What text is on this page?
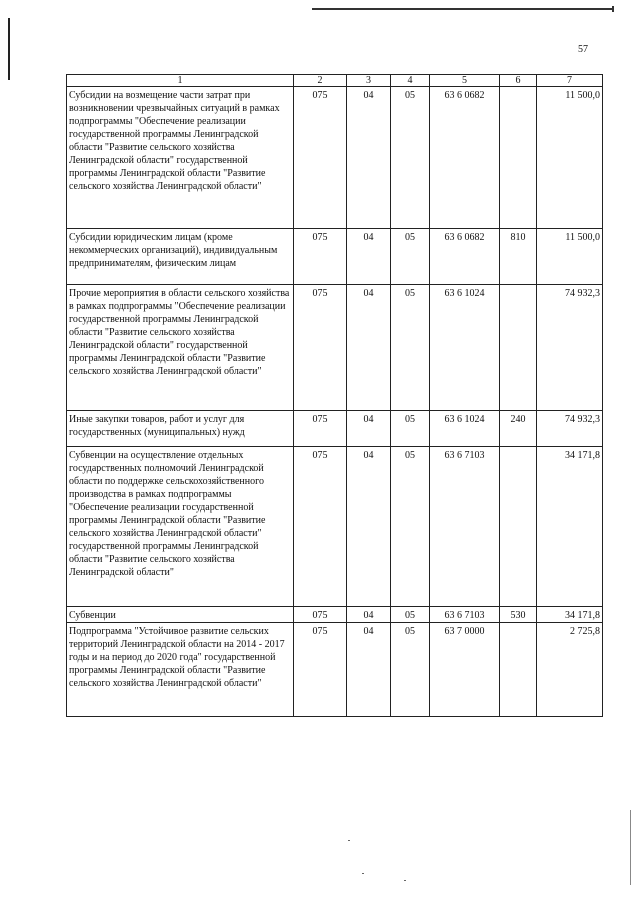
57
1	2	3	4	5	6	7
Субсидии на возмещение части затрат при возникновении чрезвычайных ситуаций в рамках подпрограммы "Обеспечение реализации государственной программы Ленинградской области "Развитие сельского хозяйства Ленинградской области" государственной программы Ленинградской области "Развитие сельского хозяйства Ленинградской области"	075	04	05	63 6 0682		11 500,0
Субсидии юридическим лицам (кроме некоммерческих организаций), индивидуальным предпринимателям, физическим лицам	075	04	05	63 6 0682	810	11 500,0
Прочие мероприятия в области сельского хозяйства в рамках подпрограммы "Обеспечение реализации государственной программы Ленинградской области "Развитие сельского хозяйства Ленинградской области" государственной программы Ленинградской области "Развитие сельского хозяйства Ленинградской области"	075	04	05	63 6 1024		74 932,3
Иные закупки товаров, работ и услуг для государственных (муниципальных) нужд	075	04	05	63 6 1024	240	74 932,3
Субвенции на осуществление отдельных государственных полномочий Ленинградской области по поддержке сельскохозяйственного производства в рамках подпрограммы "Обеспечение реализации государственной программы Ленинградской области "Развитие сельского хозяйства Ленинградской области" государственной программы Ленинградской области "Развитие сельского хозяйства Ленинградской области"	075	04	05	63 6 7103		34 171,8
Субвенции	075	04	05	63 6 7103	530	34 171,8
Подпрограмма "Устойчивое развитие сельских территорий Ленинградской области на 2014 - 2017 годы и на период до 2020 года" государственной программы Ленинградской области "Развитие сельского хозяйства Ленинградской области"	075	04	05	63 7 0000		2 725,8
